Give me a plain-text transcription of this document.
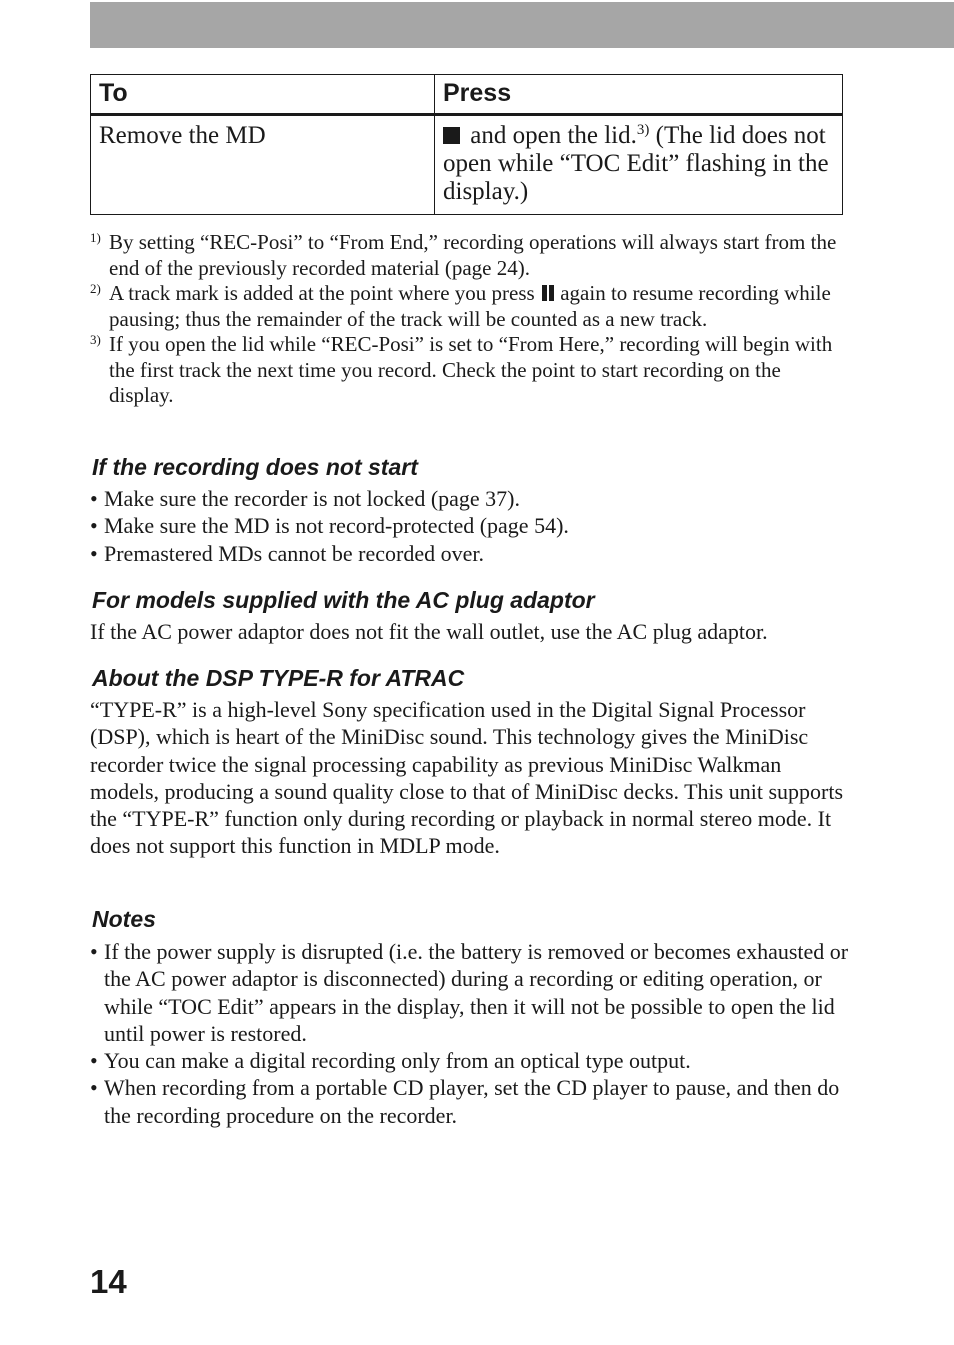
To	Press
Remove the MD	and open the lid.$^{3)}$ (The lid does not open while “TOC Edit” flashing in the display.)
1) By setting “REC-Posi” to “From End,” recording operations will always start from the end of the previously recorded material (page 24).
2) A track mark is added at the point where you press  again to resume recording while pausing; thus the remainder of the track will be counted as a new track.
3) If you open the lid while “REC-Posi” is set to “From Here,” recording will begin with the first track the next time you record. Check the point to start recording on the display.
If the recording does not start
• Make sure the recorder is not locked (page 37).
• Make sure the MD is not record-protected (page 54).
• Premastered MDs cannot be recorded over.
For models supplied with the AC plug adaptor
If the AC power adaptor does not fit the wall outlet, use the AC plug adaptor.
About the DSP TYPE-R for ATRAC
“TYPE-R” is a high-level Sony specification used in the Digital Signal Processor (DSP), which is heart of the MiniDisc sound. This technology gives the MiniDisc recorder twice the signal processing capability as previous MiniDisc Walkman models, producing a sound quality close to that of MiniDisc decks. This unit supports the “TYPE-R” function only during recording or playback in normal stereo mode. It does not support this function in MDLP mode.
Notes
• If the power supply is disrupted (i.e. the battery is removed or becomes exhausted or the AC power adaptor is disconnected) during a recording or editing operation, or while “TOC Edit” appears in the display, then it will not be possible to open the lid until power is restored.
• You can make a digital recording only from an optical type output.
• When recording from a portable CD player, set the CD player to pause, and then do the recording procedure on the recorder.
14
